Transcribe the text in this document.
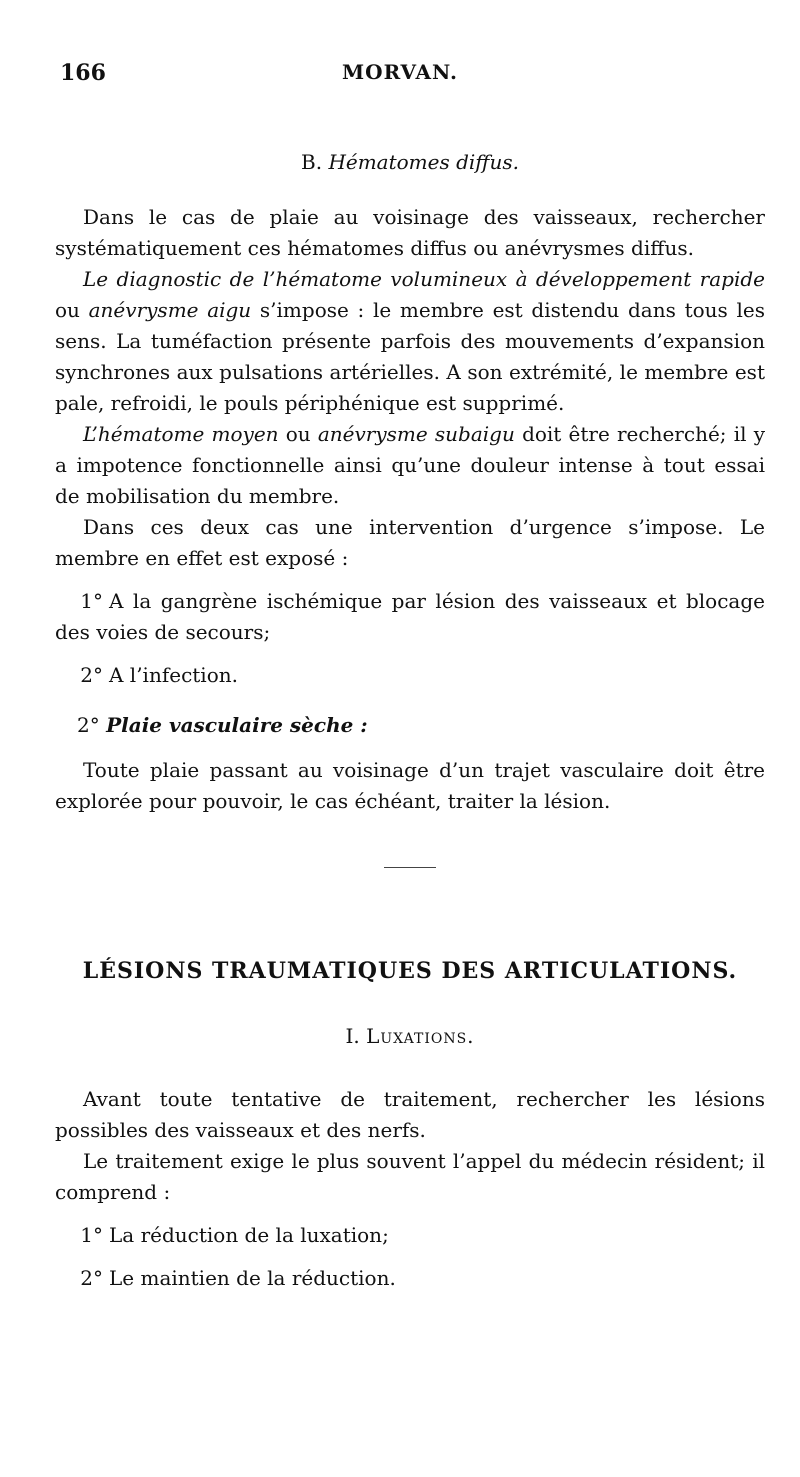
166	MORVAN.
B. Hématomes diffus.

Dans le cas de plaie au voisinage des vaisseaux, rechercher systématiquement ces hématomes diffus ou anévrysmes diffus.

Le diagnostic de l’hématome volumineux à développement rapide ou anévrysme aigu s’impose : le membre est distendu dans tous les sens. La tuméfaction présente parfois des mouvements d’expansion synchrones aux pulsations artérielles. A son extrémité, le membre est pale, refroidi, le pouls périphénique est supprimé.

L’hématome moyen ou anévrysme subaigu doit être recherché; il y a impotence fonctionnelle ainsi qu’une douleur intense à tout essai de mobilisation du membre.

Dans ces deux cas une intervention d’urgence s’impose. Le membre en effet est exposé :

1° A la gangrène ischémique par lésion des vaisseaux et blocage des voies de secours;
2° A l’infection.
2° Plaie vasculaire sèche :

Toute plaie passant au voisinage d’un trajet vasculaire doit être explorée pour pouvoir, le cas échéant, traiter la lésion.

LÉSIONS TRAUMATIQUES DES ARTICULATIONS.
I. Luxations.

Avant toute tentative de traitement, rechercher les lésions possibles des vaisseaux et des nerfs.

Le traitement exige le plus souvent l’appel du médecin résident; il comprend :

1° La réduction de la luxation;
2° Le maintien de la réduction.
